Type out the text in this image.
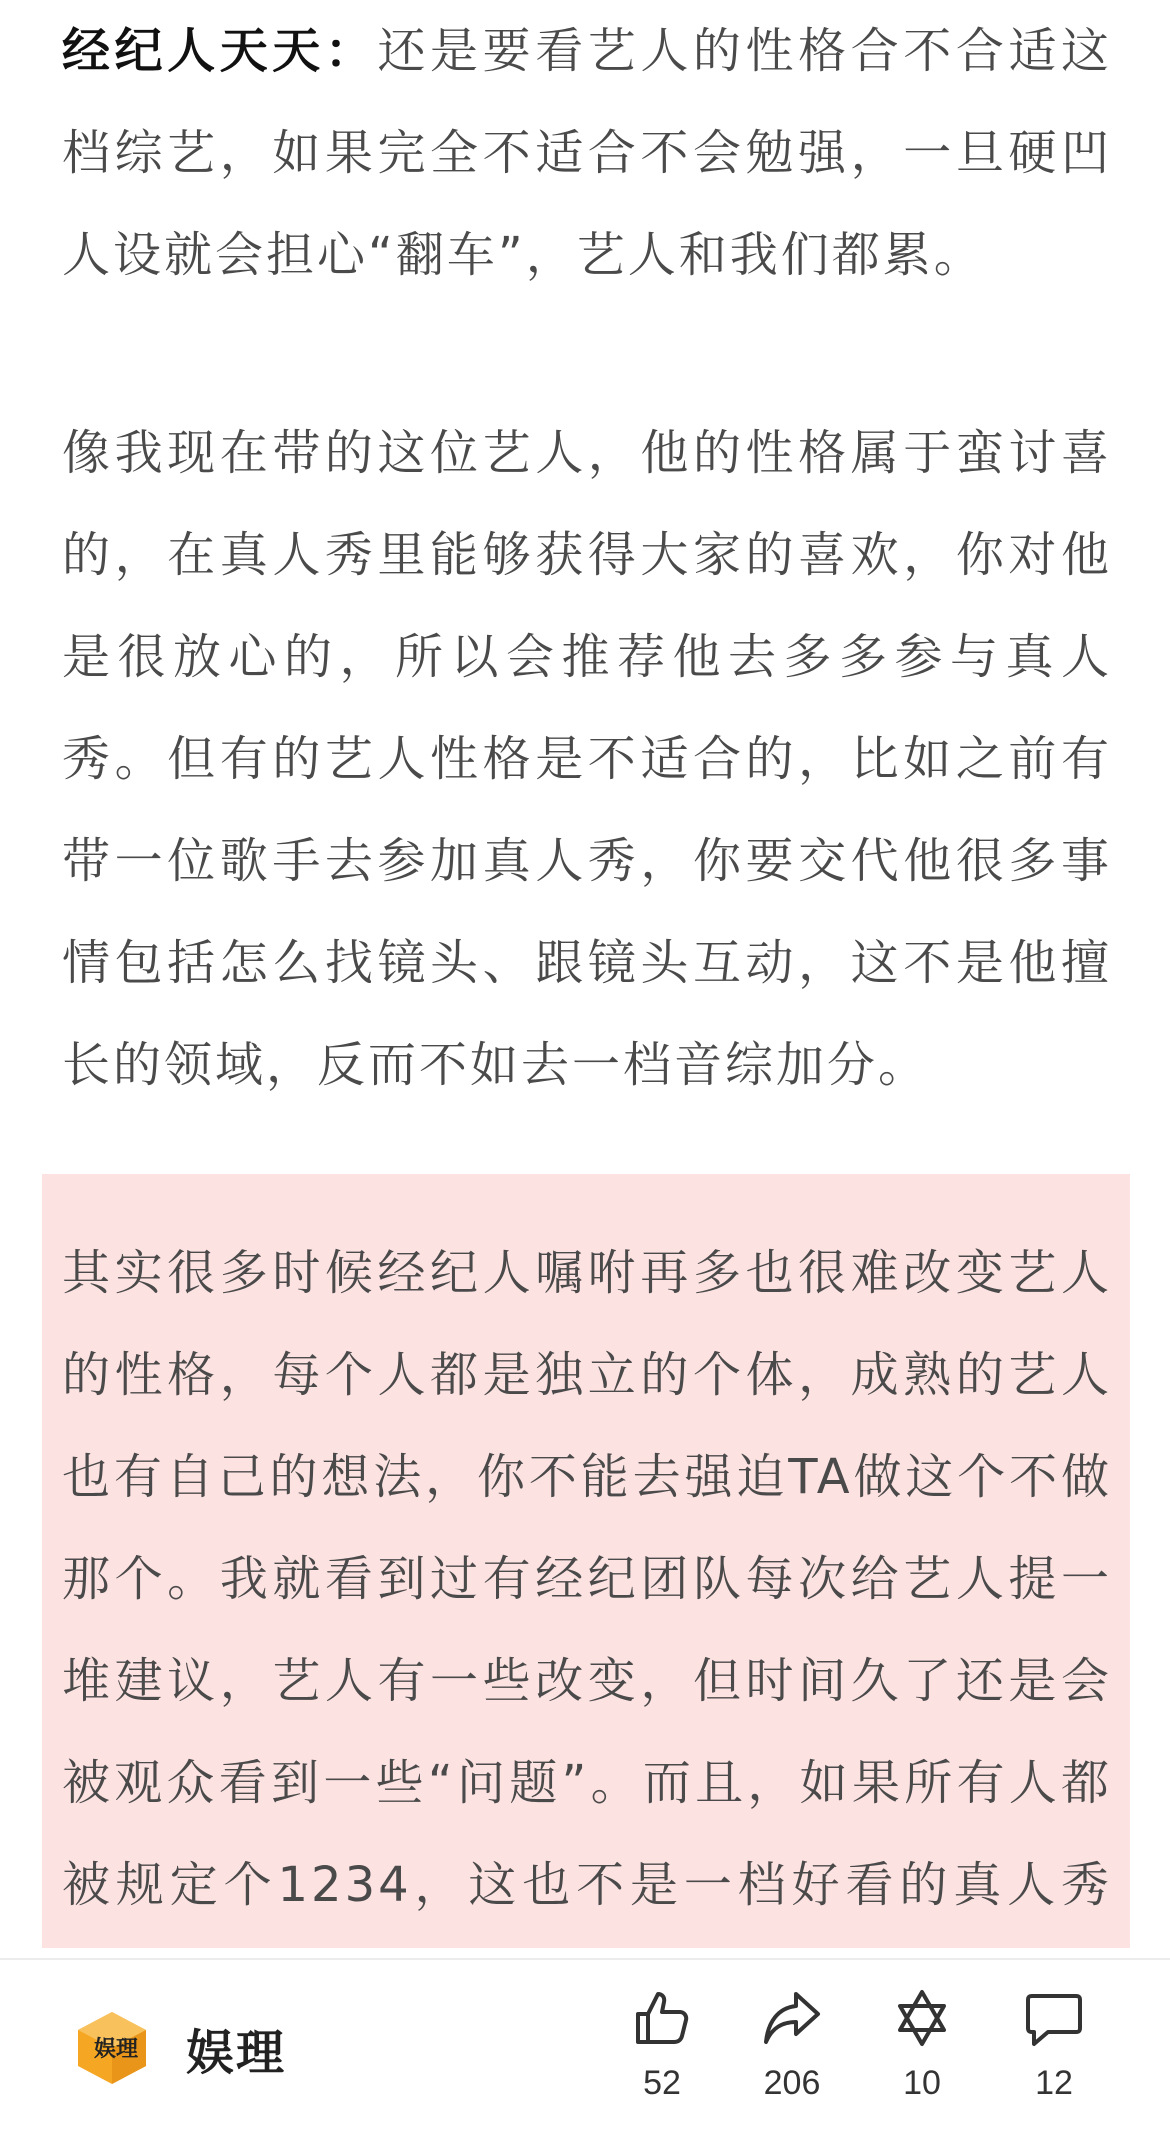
经纪人天天：还是要看艺人的性格合不合适这档综艺，如果完全不适合不会勉强，一旦硬凹人设就会担心“翻车”，艺人和我们都累。

像我现在带的这位艺人，他的性格属于蛮讨喜的，在真人秀里能够获得大家的喜欢，你对他是很放心的，所以会推荐他去多多参与真人秀。但有的艺人性格是不适合的，比如之前有带一位歌手去参加真人秀，你要交代他很多事情包括怎么找镜头、跟镜头互动，这不是他擅长的领域，反而不如去一档音综加分。

其实很多时候经纪人嘱咐再多也很难改变艺人的性格，每个人都是独立的个体，成熟的艺人也有自己的想法，你不能去强迫TA做这个不做那个。我就看到过有经纪团队每次给艺人提一堆建议，艺人有一些改变，但时间久了还是会被观众看到一些“问题”。而且，如果所有人都被规定个1234，这也不是一档好看的真人秀

娱理 娱理
52	206	10	12
